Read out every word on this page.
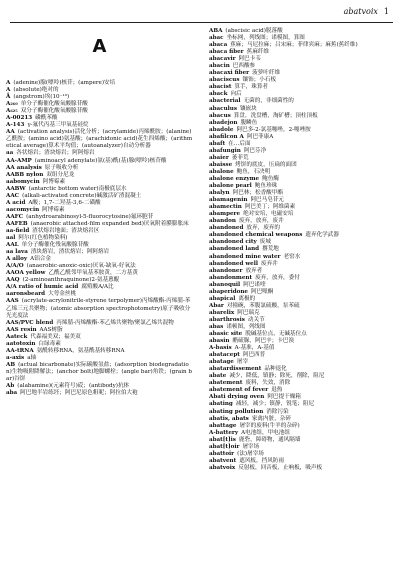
abatvoix 1
A
A (adenine)腺(嘌呤)核苷；(ampere)安培
A (absolute)绝对的
Å (angstrom)埃(10⁻¹⁰)
A₂₆₀ 单分子酶催化酸氧酸腺苷酸
A₆₂₅ 双分子酶催化酸氧酸腺苷酸
A-00213 磷酰苯酸
A-143 γ-氟代丙基三甲氧基硅烷
AA (activation analysis)活化分析；(acrylamide)丙烯酰胺；(alanine)乙酰胺；(amino acid)氨基酸；(arachidonic acid)花生四烯酸；(arithmetical average)算术平均值；(autoanalyzer)自动分析器
aa 各状熔岩；渣块熔岩；阿阿熔岩
AA-AMP (aminoacyl adenylate)氨(基)酰(基)腺(嘌呤)核苷酸
AA analysis 原子吸收分析
AABB nylon 双组分尼龙
aabomycin 阿博霉素
AABW (antarctic bottom water)南极底层水
AAC (alkali-activated concrete)碱激活矿渣混凝土
A acid A酸；1,7-二羟基-3,6-二磺酸
aacomycin 阿博霉素
AAFC (anhydroarabinosyl-5-fluorocytosine)氟环胞苷
AAFEB (anaerobic attached-film expanded bed)厌氧附着膜膨胀床
aa-field 渣状熔岩地面；渣块熔岩区
aal 阿尔(红色植物染料)
AAL 单分子酶催化残氧酸腺苷酸
aa lava 渣块熔岩，渣状熔岩；阿阿熔岩
A alloy A铝合金
A/A/O (anaerobic-anoxic-oxic)厌氧-缺氧-好氧法
AAOA yellow 乙酰乙酰邻甲氧基苯胺黄，二方基黄
AAQ (2-aminoanthraquinone)2-氨基蒽醌
A/A ratio of humic acid 腐殖酸A/A比
aaronsbeard 大萼金丝桃
AAS (acrylate-acrylonitrile-styrene terpolymer)丙烯酸酯-丙烯腈-苯乙烯三元共聚物；(atomic absorption spectrophotometry)原子吸收分光光度法
AAS/PVC blend 丙烯腈-丙烯酸酯-苯乙烯共聚物/聚氯乙烯共混物
AAS resin AAS树脂
Aateck 代森福美双；福美双
aatotoxin 白绿毒素
AA-tRNA 氨酰转移RNA，氨基酰基转移RNA
a-axis a轴
AB (actual bicarbonate)实际碳酸氢盐；(adsorption biodegradation)生物吸附降解法；(anchor bolt)地脚螺栓；(angle bar)角铁；(grain bar)谷饼
Ab (alabamine)(元素符号)砹；(antibody)抗体
aba 阿巴地半岩练坯；阿巴尼原色粗呢；阿拉伯大袍
ABA (abscisic acid)脱落酸
abac 坐标网，列线图；诺模图，算图
abaca 蕉麻；马尼拉麻；吕宋麻；菲律宾麻；麻蕉(蕉纤维)
abaca fiber 蕉麻纤维
abacavir 阿巴卡韦
abacin 巴西酸参
abacaxi fiber 菠萝叶纤维
abaciscus 镶饰；小石板
abacist 算手，珠算者
aback 向后
abacterial 无菌的，非细菌性的
abaculus 镶嵌块
abacus 算盘，洗盘槽，淘矿槽；顶柱顶板
abadejon 腹鳞鱼
abadole 阿巴多-2-氯基噻唑，2-噻唑胺
abafilcon A 阿巴菲康A
abaft 在…后面
abafungin 阿巴芬净
abaier 萎菲荒
abaisse 烤饼的底皮，压扁的面团
abalone 鲍鱼，石决明
abalone enzyme 鲍鱼酶
abalone pearl 鲍鱼珍珠
abalyn 阿巴林；松香酸甲酯
abamagenin 阿巴马皂苷元
abamectin 阿巴美丁；阿维菌素
abampere 绝对安培，电磁安培
abandon 废弃，放弃，废井
abandoned 放弃，废弃的
abandoned chemical weapons 遗弃化学武器
abandoned city 废城
abandoned land 撂荒地
abandoned mine water 老窑水
abandoned well 废弃井
abandoner 放弃者
abandonment 废弃，放弃，委付
abanoquil 阿巴诺喹
abaperidone 阿巴哌酮
abapical 离极的
Abar 对撞碗，苯腹氯硫酸，泵苯硫
abarelix 阿巴瑞克
abarthrosis 动关节
abas 诺顿图，列线图
abasic site 脱碱基位点，无碱基位点
abasin 醋硫脲，阿巴辛；卡巴溴
A-basis A-基准，A-基值
abatacept 阿巴西普
abatage 屠宰
abatardissement 品种退化
abate 减少，降低，镇静；除死，削除，阻尼
abatement 废料，失效，消除
abatement of fever 退热
Abati drying oven 阿巴提干燥箱
abating 减轻，减少；镇静，锐笔；阻尼
abating pollution 消除污染
abatis, abats 家禽内脏，杂碎
abattage 屠宰的废料(牛羊的杂碎)
A-battery A电池组，甲电池组
abat[t]is 鹿砦，障碍物，通风隔墙
abat[t]oir 屠宰场
abattoir (法)屠宰场
abatvent 遮风板，挡风防雨
abatvoix 反射板，回音板，止响板，吸声板
